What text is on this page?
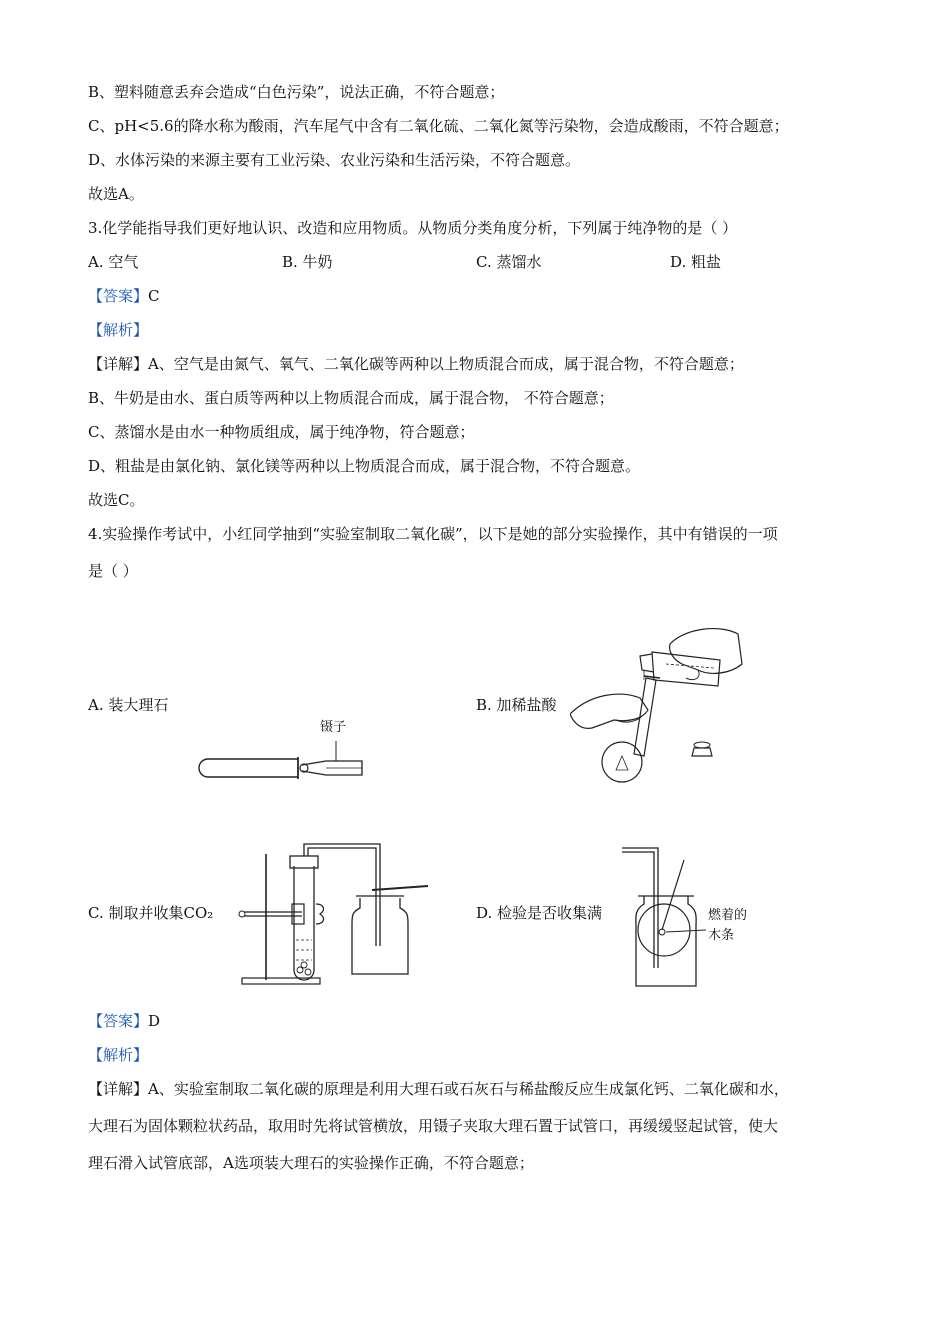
B、塑料随意丢弃会造成“白色污染”，说法正确，不符合题意；
C、pH<5.6的降水称为酸雨，汽车尾气中含有二氧化硫、二氧化氮等污染物，会造成酸雨，不符合题意；
D、水体污染的来源主要有工业污染、农业污染和生活污染，不符合题意。
故选A。
3.化学能指导我们更好地认识、改造和应用物质。从物质分类角度分析，下列属于纯净物的是（ ）
A. 空气	B. 牛奶	C. 蒸馏水	D. 粗盐
【答案】C
【解析】
【详解】A、空气是由氮气、氧气、二氧化碳等两种以上物质混合而成，属于混合物，不符合题意；
B、牛奶是由水、蛋白质等两种以上物质混合而成，属于混合物， 不符合题意；
C、蒸馏水是由水一种物质组成，属于纯净物，符合题意；
D、粗盐是由氯化钠、氯化镁等两种以上物质混合而成，属于混合物，不符合题意。
故选C。
4.实验操作考试中，小红同学抽到“实验室制取二氧化碳”，以下是她的部分实验操作，其中有错误的一项
是（ ）
A. 装大理石
镊子
B. 加稀盐酸
C. 制取并收集CO₂	D. 检验是否收集满	燃着的
木条
【答案】D
【解析】
【详解】A、实验室制取二氧化碳的原理是利用大理石或石灰石与稀盐酸反应生成氯化钙、二氧化碳和水，
大理石为固体颗粒状药品，取用时先将试管横放，用镊子夹取大理石置于试管口，再缓缓竖起试管，使大
理石滑入试管底部，A选项装大理石的实验操作正确，不符合题意；
